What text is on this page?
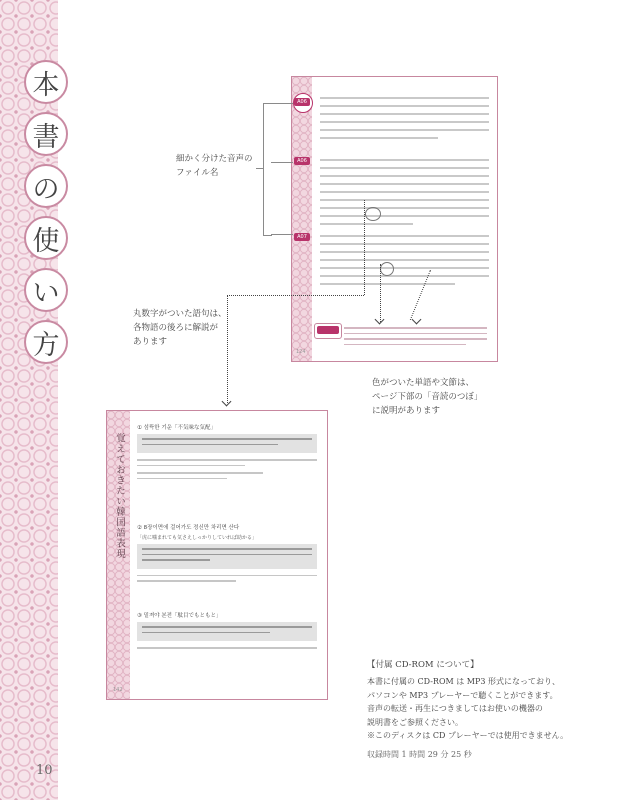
本
書
の
使
い
方
10
A06
A06
A07
124
覚えておきたい韓国語表現
① 섬뜩한 기운「不気味な気配」
② 8장이면에 걸어가도 정신만 차리면 산다
「虎に噛まれても気さえしっかりしていれば助かる」
③ 밑져야 본전「駄目でもともと」
142
細かく分けた音声の
ファイル名
丸数字がついた語句は、
各物語の後ろに解説が
あります
色がついた単語や文節は、
ページ下部の「音読のつぼ」
に説明があります
【付属 CD-ROM について】
本書に付属の CD-ROM は MP3 形式になっており、
パソコンや MP3 プレーヤーで聴くことができます。
音声の転送・再生につきましてはお使いの機器の
説明書をご参照ください。
※このディスクは CD プレーヤーでは使用できません。
収録時間 1 時間 29 分 25 秒
